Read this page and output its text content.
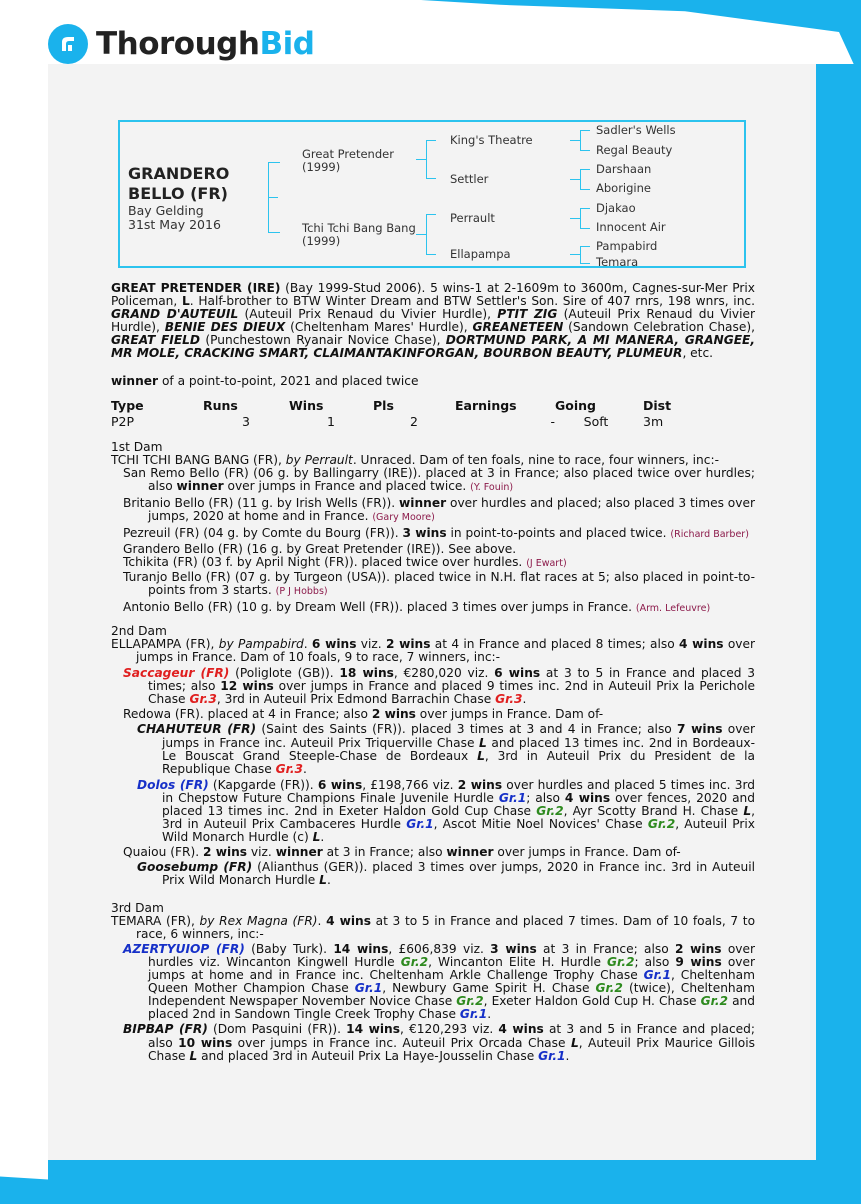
ThoroughBid
GRANDERO
BELLO (FR)
Bay Gelding
31st May 2016
Great Pretender
(1999)
Tchi Tchi Bang Bang
(1999)
King's Theatre
Settler
Perrault
Ellapampa
Sadler's Wells
Regal Beauty
Darshaan
Aborigine
Djakao
Innocent Air
Pampabird
Temara
GREAT PRETENDER (IRE) (Bay 1999-Stud 2006). 5 wins-1 at 2-1609m to 3600m, Cagnes-sur-Mer Prix Policeman, L. Half-brother to BTW Winter Dream and BTW Settler's Son. Sire of 407 rnrs, 198 wnrs, inc. GRAND D'AUTEUIL (Auteuil Prix Renaud du Vivier Hurdle), PTIT ZIG (Auteuil Prix Renaud du Vivier Hurdle), BENIE DES DIEUX (Cheltenham Mares' Hurdle), GREANETEEN (Sandown Celebration Chase), GREAT FIELD (Punchestown Ryanair Novice Chase), DORTMUND PARK, A MI MANERA, GRANGEE, MR MOLE, CRACKING SMART, CLAIMANTAKINFORGAN, BOURBON BEAUTY, PLUMEUR, etc.
winner of a point-to-point, 2021 and placed twice
Type	Runs	Wins	Pls	Earnings	Going	Dist
P2P	3	1	2	-	Soft	3m
1st Dam
TCHI TCHI BANG BANG (FR), by Perrault. Unraced. Dam of ten foals, nine to race, four winners, inc:-
San Remo Bello (FR) (06 g. by Ballingarry (IRE)). placed at 3 in France; also placed twice over hurdles; also winner over jumps in France and placed twice. (Y. Fouin)
Britanio Bello (FR) (11 g. by Irish Wells (FR)). winner over hurdles and placed; also placed 3 times over jumps, 2020 at home and in France. (Gary Moore)
Pezreuil (FR) (04 g. by Comte du Bourg (FR)). 3 wins in point-to-points and placed twice. (Richard Barber)
Grandero Bello (FR) (16 g. by Great Pretender (IRE)). See above.
Tchikita (FR) (03 f. by April Night (FR)). placed twice over hurdles. (J Ewart)
Turanjo Bello (FR) (07 g. by Turgeon (USA)). placed twice in N.H. flat races at 5; also placed in point-to-points from 3 starts. (P J Hobbs)
Antonio Bello (FR) (10 g. by Dream Well (FR)). placed 3 times over jumps in France. (Arm. Lefeuvre)
2nd Dam
ELLAPAMPA (FR), by Pampabird. 6 wins viz. 2 wins at 4 in France and placed 8 times; also 4 wins over jumps in France. Dam of 10 foals, 9 to race, 7 winners, inc:-
Saccageur (FR) (Poliglote (GB)). 18 wins, €280,020 viz. 6 wins at 3 to 5 in France and placed 3 times; also 12 wins over jumps in France and placed 9 times inc. 2nd in Auteuil Prix la Perichole Chase Gr.3, 3rd in Auteuil Prix Edmond Barrachin Chase Gr.3.
Redowa (FR). placed at 4 in France; also 2 wins over jumps in France. Dam of-
CHAHUTEUR (FR) (Saint des Saints (FR)). placed 3 times at 3 and 4 in France; also 7 wins over jumps in France inc. Auteuil Prix Triquerville Chase L and placed 13 times inc. 2nd in Bordeaux-Le Bouscat Grand Steeple-Chase de Bordeaux L, 3rd in Auteuil Prix du President de la Republique Chase Gr.3.
Dolos (FR) (Kapgarde (FR)). 6 wins, £198,766 viz. 2 wins over hurdles and placed 5 times inc. 3rd in Chepstow Future Champions Finale Juvenile Hurdle Gr.1; also 4 wins over fences, 2020 and placed 13 times inc. 2nd in Exeter Haldon Gold Cup Chase Gr.2, Ayr Scotty Brand H. Chase L, 3rd in Auteuil Prix Cambaceres Hurdle Gr.1, Ascot Mitie Noel Novices' Chase Gr.2, Auteuil Prix Wild Monarch Hurdle (c) L.
Quaiou (FR). 2 wins viz. winner at 3 in France; also winner over jumps in France. Dam of-
Goosebump (FR) (Alianthus (GER)). placed 3 times over jumps, 2020 in France inc. 3rd in Auteuil Prix Wild Monarch Hurdle L.
3rd Dam
TEMARA (FR), by Rex Magna (FR). 4 wins at 3 to 5 in France and placed 7 times. Dam of 10 foals, 7 to race, 6 winners, inc:-
AZERTYUIOP (FR) (Baby Turk). 14 wins, £606,839 viz. 3 wins at 3 in France; also 2 wins over hurdles viz. Wincanton Kingwell Hurdle Gr.2, Wincanton Elite H. Hurdle Gr.2; also 9 wins over jumps at home and in France inc. Cheltenham Arkle Challenge Trophy Chase Gr.1, Cheltenham Queen Mother Champion Chase Gr.1, Newbury Game Spirit H. Chase Gr.2 (twice), Cheltenham Independent Newspaper November Novice Chase Gr.2, Exeter Haldon Gold Cup H. Chase Gr.2 and placed 2nd in Sandown Tingle Creek Trophy Chase Gr.1.
BIPBAP (FR) (Dom Pasquini (FR)). 14 wins, €120,293 viz. 4 wins at 3 and 5 in France and placed; also 10 wins over jumps in France inc. Auteuil Prix Orcada Chase L, Auteuil Prix Maurice Gillois Chase L and placed 3rd in Auteuil Prix La Haye-Jousselin Chase Gr.1.
